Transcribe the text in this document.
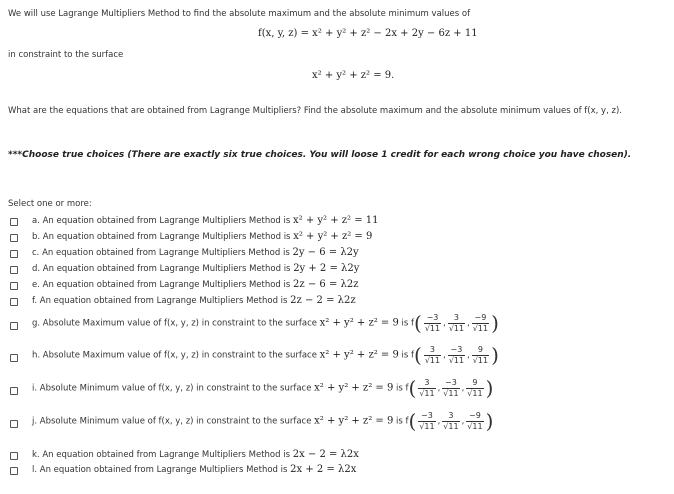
We will use Lagrange Multipliers Method to find the absolute maximum and the absolute minimum values of
f(x, y, z) = x² + y² + z² − 2x + 2y − 6z + 11
in constraint to the surface
x² + y² + z² = 9.
What are the equations that are obtained from Lagrange Multipliers? Find the absolute maximum and the absolute minimum values of f(x, y, z).
***Choose true choices (There are exactly six true choices. You will loose 1 credit for each wrong choice you have chosen).
Select one or more:
a. An equation obtained from Lagrange Multipliers Method is x² + y² + z² = 11
b. An equation obtained from Lagrange Multipliers Method is x² + y² + z² = 9
c. An equation obtained from Lagrange Multipliers Method is 2y − 6 = λ2y
d. An equation obtained from Lagrange Multipliers Method is 2y + 2 = λ2y
e. An equation obtained from Lagrange Multipliers Method is 2z − 6 = λ2z
f. An equation obtained from Lagrange Multipliers Method is 2z − 2 = λ2z
g. Absolute Maximum value of f(x, y, z) in constraint to the surface x² + y² + z² = 9 is $f( \frac{-3}{√11}$ , $\frac{3}{√11}$ , $\frac{-9}{√11}$ )
h. Absolute Maximum value of f(x, y, z) in constraint to the surface x² + y² + z² = 9 is $f( \frac{3}{√11}$ , $\frac{-3}{√11}$ , $\frac{9}{√11}$ )
i. Absolute Minimum value of f(x, y, z) in constraint to the surface x² + y² + z² = 9 is $f( \frac{3}{√11}$ , $\frac{-3}{√11}$ , $\frac{9}{√11}$ )
j. Absolute Minimum value of f(x, y, z) in constraint to the surface x² + y² + z² = 9 is $f( \frac{-3}{√11}$ , $\frac{3}{√11}$ , $\frac{-9}{√11}$ )
k. An equation obtained from Lagrange Multipliers Method is 2x − 2 = λ2x
l. An equation obtained from Lagrange Multipliers Method is 2x + 2 = λ2x
